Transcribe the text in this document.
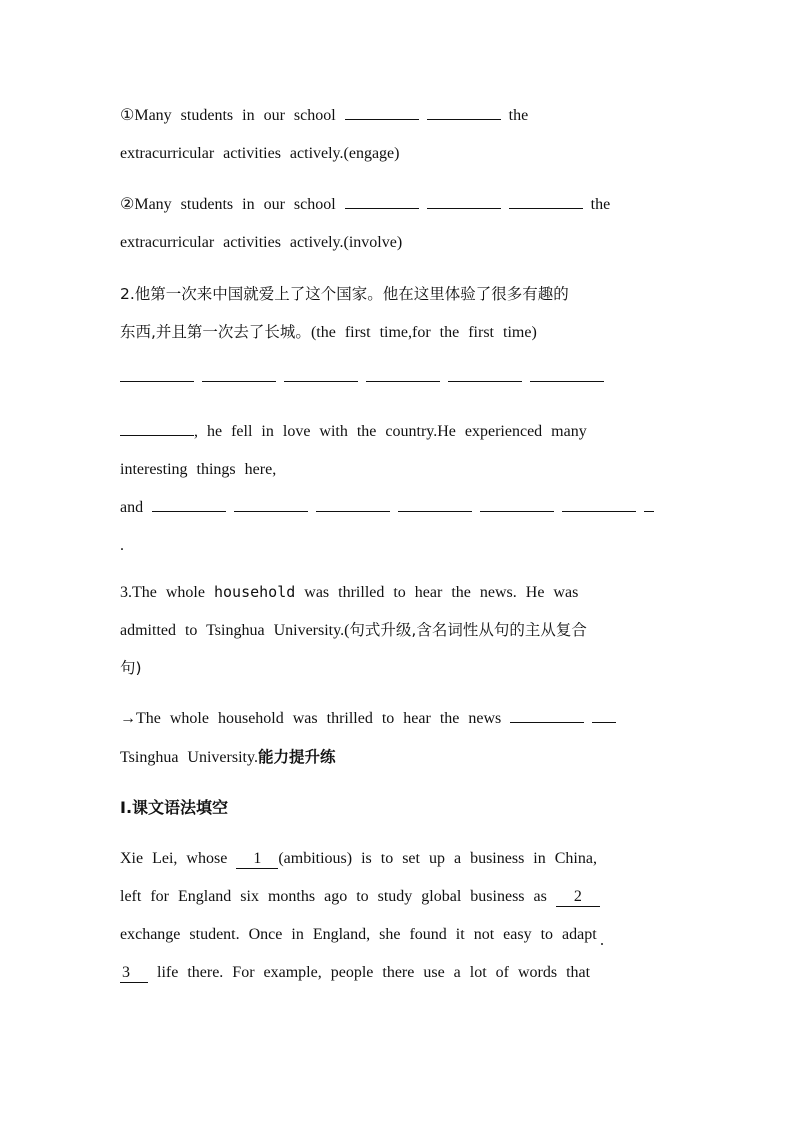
①Many students in our school	the
extracurricular activities actively.(engage)
②Many students in our school	the
extracurricular activities actively.(involve)
2.他第一次来中国就爱上了这个国家。他在这里体验了很多有趣的
东西,并且第一次去了长城。(the first time,for the first time)
, he fell in love with the country.He experienced many
interesting things here,
and
.
3.The whole household was thrilled to hear the news. He was
admitted to Tsinghua University.(句式升级,含名词性从句的主从复合
句)
→The whole household was thrilled to hear the news
Tsinghua University.能力提升练
Ⅰ.课文语法填空
Xie Lei, whose 1 (ambitious) is to set up a business in China,
left for England six months ago to study global business as 2
exchange student. Once in England, she found it not easy to adapt
3 life there. For example, people there use a lot of words that
